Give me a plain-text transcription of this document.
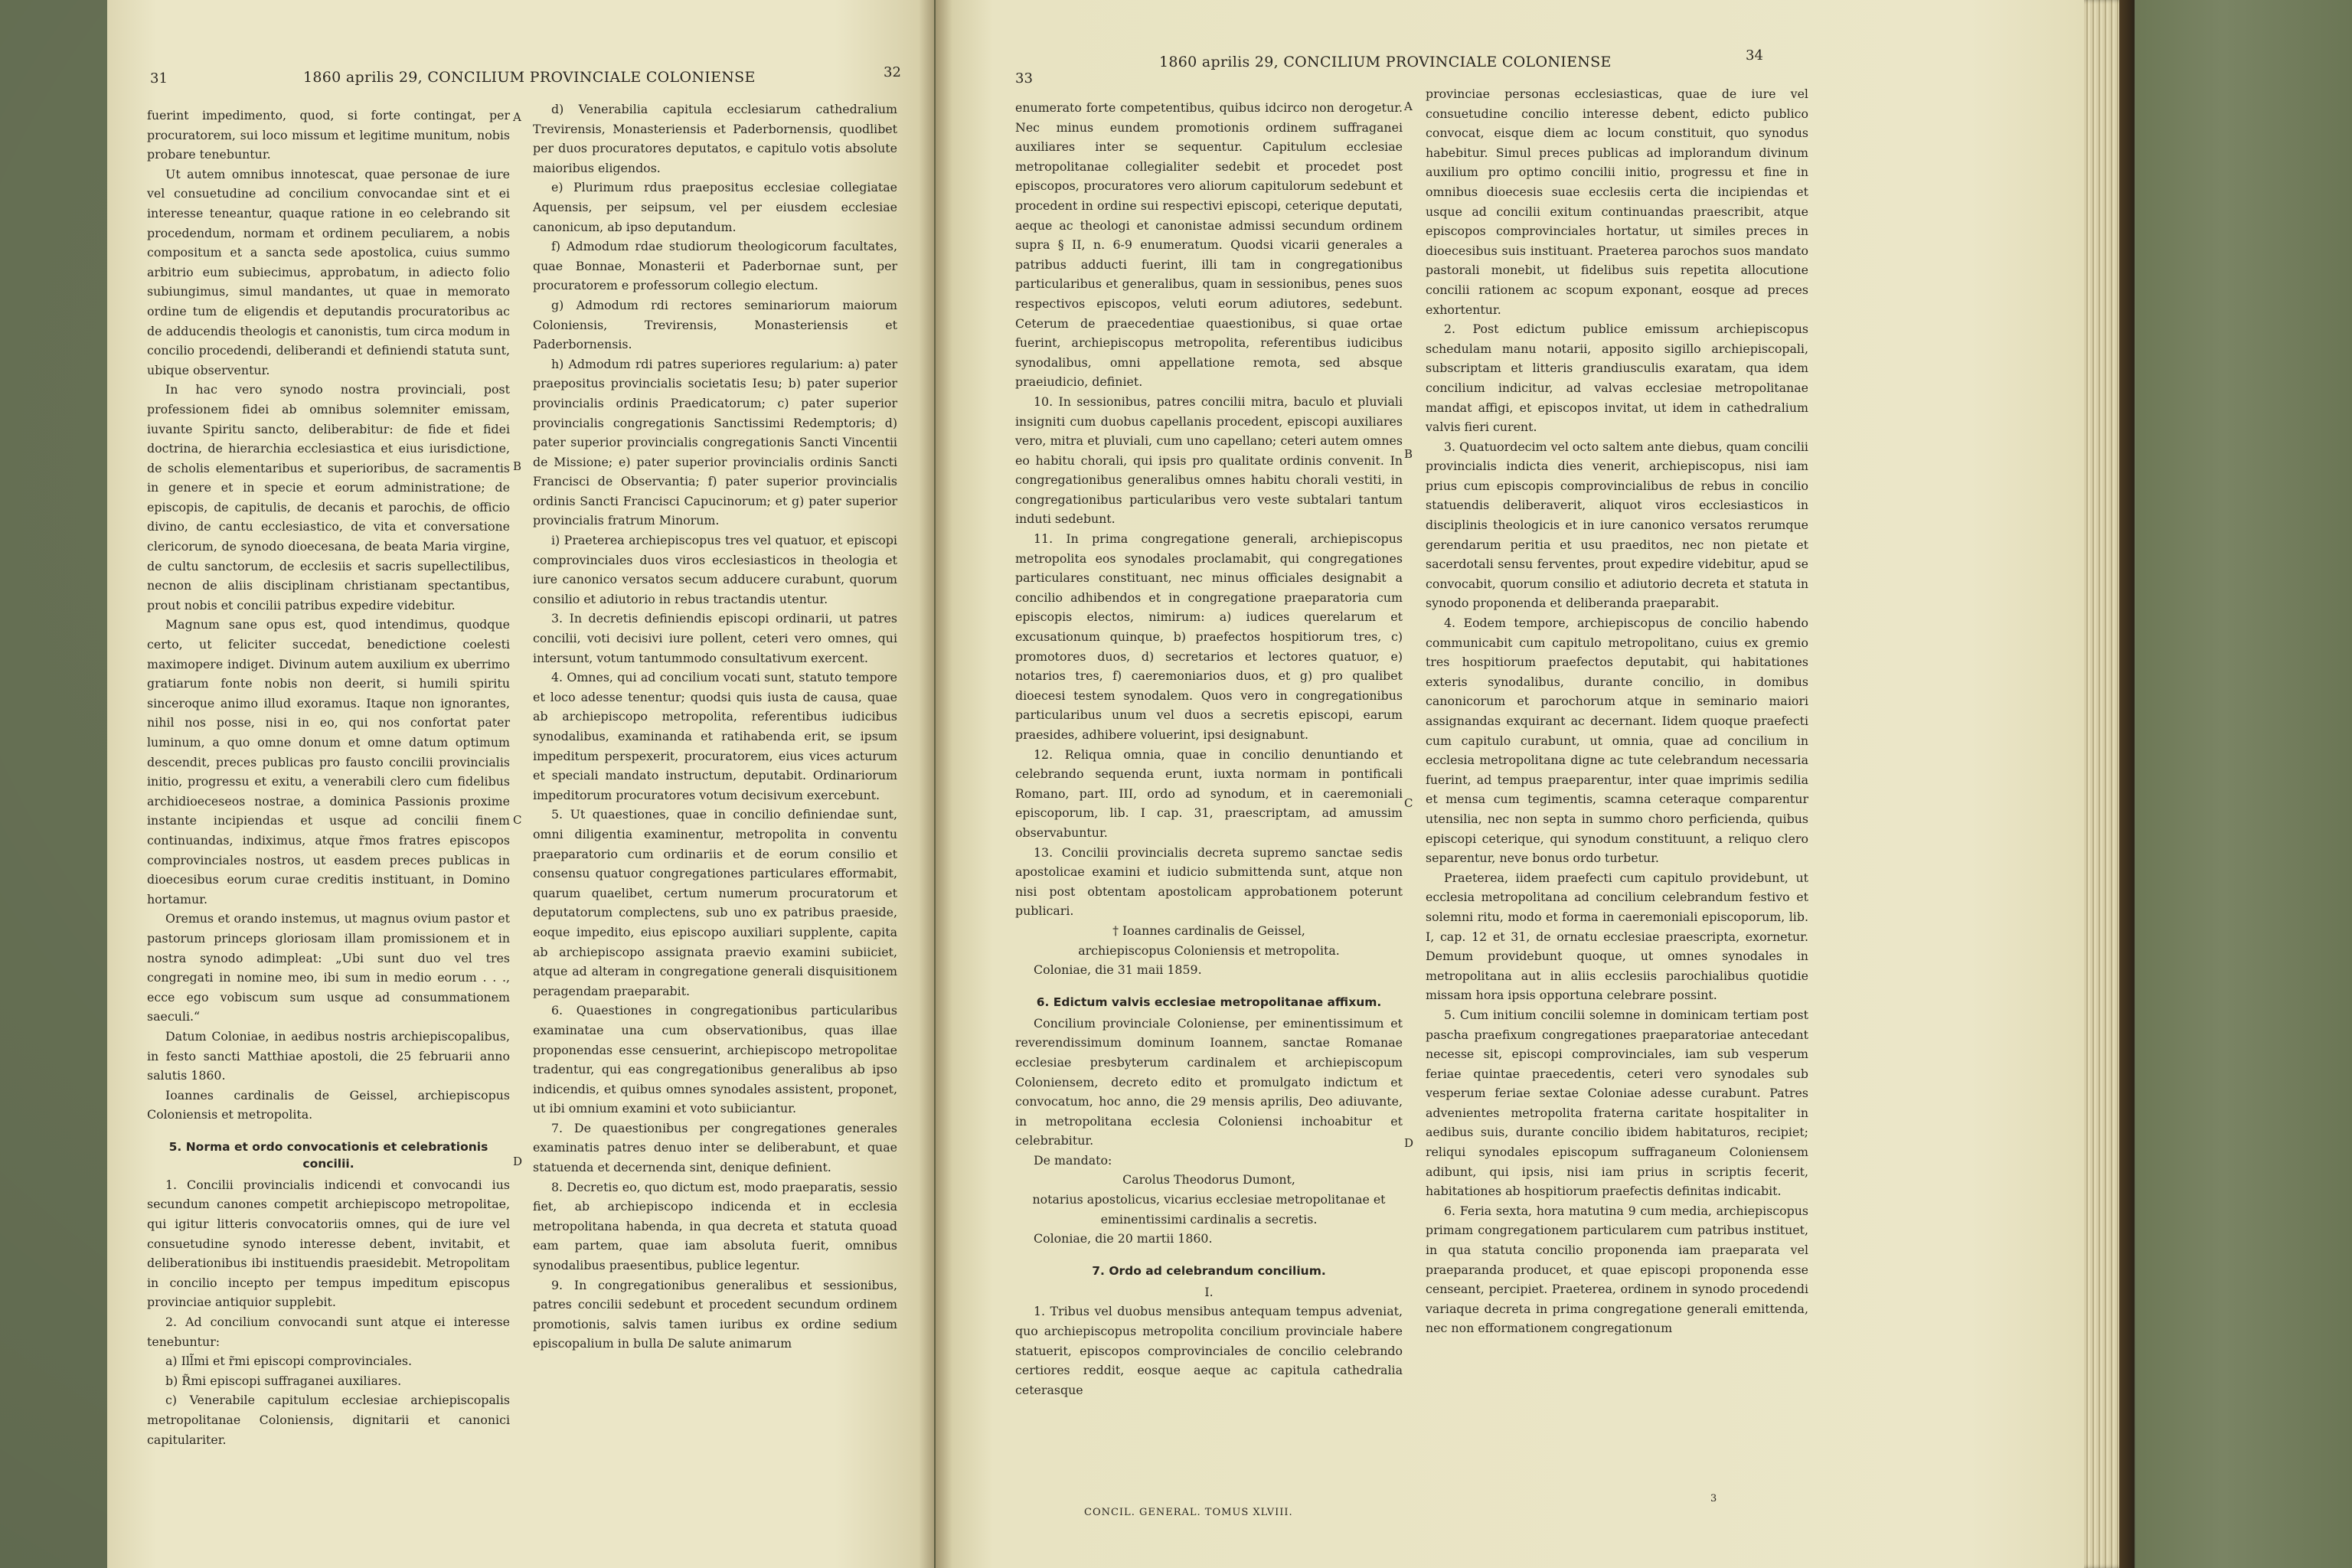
31	1860 aprilis 29, CONCILIUM PROVINCIALE COLONIENSE	32

fuerint impedimento, quod, si forte contingat, per procuratorem, sui loco missum et legitime munitum, nobis probare tenebuntur.

Ut autem omnibus innotescat, quae personae de iure vel consuetudine ad concilium convocandae sint et ei interesse teneantur, quaque ratione in eo celebrando sit procedendum, normam et ordinem peculiarem, a nobis compositum et a sancta sede apostolica, cuius summo arbitrio eum subiecimus, approbatum, in adiecto folio subiungimus, simul mandantes, ut quae in memorato ordine tum de eligendis et deputandis procuratoribus ac de adducendis theologis et canonistis, tum circa modum in concilio procedendi, deliberandi et definiendi statuta sunt, ubique observentur.

In hac vero synodo nostra provinciali, post professionem fidei ab omnibus solemniter emissam, iuvante Spiritu sancto, deliberabitur: de fide et fidei doctrina, de hierarchia ecclesiastica et eius iurisdictione, de scholis elementaribus et superioribus, de sacramentis in genere et in specie et eorum administratione; de episcopis, de capitulis, de decanis et parochis, de officio divino, de cantu ecclesiastico, de vita et conversatione clericorum, de synodo dioecesana, de beata Maria virgine, de cultu sanctorum, de ecclesiis et sacris supellectilibus, necnon de aliis disciplinam christianam spectantibus, prout nobis et concilii patribus expedire videbitur.

Magnum sane opus est, quod intendimus, quodque certo, ut feliciter succedat, benedictione coelesti maximopere indiget. Divinum autem auxilium ex uberrimo gratiarum fonte nobis non deerit, si humili spiritu sinceroque animo illud exoramus. Itaque non ignorantes, nihil nos posse, nisi in eo, qui nos confortat pater luminum, a quo omne donum et omne datum optimum descendit, preces publicas pro fausto concilii provincialis initio, progressu et exitu, a venerabili clero cum fidelibus archidioeceseos nostrae, a dominica Passionis proxime instante incipiendas et usque ad concilii finem continuandas, indiximus, atque r̃mos fratres episcopos comprovinciales nostros, ut easdem preces publicas in dioecesibus eorum curae creditis instituant, in Domino hortamur.

Oremus et orando instemus, ut magnus ovium pastor et pastorum princeps gloriosam illam promissionem et in nostra synodo adimpleat: „Ubi sunt duo vel tres congregati in nomine meo, ibi sum in medio eorum . . ., ecce ego vobiscum sum usque ad consummationem saeculi.“

Datum Coloniae, in aedibus nostris archiepiscopalibus, in festo sancti Matthiae apostoli, die 25 februarii anno salutis 1860.

Ioannes cardinalis de Geissel, archiepiscopus Coloniensis et metropolita.

5. Norma et ordo convocationis et celebrationis concilii.

1. Concilii provincialis indicendi et convocandi ius secundum canones competit archiepiscopo metropolitae, qui igitur litteris convocatoriis omnes, qui de iure vel consuetudine synodo interesse debent, invitabit, et deliberationibus ibi instituendis praesidebit. Metropolitam in concilio incepto per tempus impeditum episcopus provinciae antiquior supplebit.

2. Ad concilium convocandi sunt atque ei interesse tenebuntur:

a) Ill̃mi et r̃mi episcopi comprovinciales.

b) R̃mi episcopi suffraganei auxiliares.

c) Venerabile capitulum ecclesiae archiepiscopalis metropolitanae Coloniensis, dignitarii et canonici capitulariter.

d) Venerabilia capitula ecclesiarum cathedralium Trevirensis, Monasteriensis et Paderbornensis, quodlibet per duos procuratores deputatos, e capitulo votis absolute maioribus eligendos.

e) Plurimum rdus praepositus ecclesiae collegiatae Aquensis, per seipsum, vel per eiusdem ecclesiae canonicum, ab ipso deputandum.

f) Admodum rdae studiorum theologicorum facultates, quae Bonnae, Monasterii et Paderbornae sunt, per procuratorem e professorum collegio electum.

g) Admodum rdi rectores seminariorum maiorum Coloniensis, Trevirensis, Monasteriensis et Paderbornensis.

h) Admodum rdi patres superiores regularium: a) pater praepositus provincialis societatis Iesu; b) pater superior provincialis ordinis Praedicatorum; c) pater superior provincialis congregationis Sanctissimi Redemptoris; d) pater superior provincialis congregationis Sancti Vincentii de Missione; e) pater superior provincialis ordinis Sancti Francisci de Observantia; f) pater superior provincialis ordinis Sancti Francisci Capucinorum; et g) pater superior provincialis fratrum Minorum.

i) Praeterea archiepiscopus tres vel quatuor, et episcopi comprovinciales duos viros ecclesiasticos in theologia et iure canonico versatos secum adducere curabunt, quorum consilio et adiutorio in rebus tractandis utentur.

3. In decretis definiendis episcopi ordinarii, ut patres concilii, voti decisivi iure pollent, ceteri vero omnes, qui intersunt, votum tantummodo consultativum exercent.

4. Omnes, qui ad concilium vocati sunt, statuto tempore et loco adesse tenentur; quodsi quis iusta de causa, quae ab archiepiscopo metropolita, referentibus iudicibus synodalibus, examinanda et ratihabenda erit, se ipsum impeditum perspexerit, procuratorem, eius vices acturum et speciali mandato instructum, deputabit. Ordinariorum impeditorum procuratores votum decisivum exercebunt.

5. Ut quaestiones, quae in concilio definiendae sunt, omni diligentia examinentur, metropolita in conventu praeparatorio cum ordinariis et de eorum consilio et consensu quatuor congregationes particulares efformabit, quarum quaelibet, certum numerum procuratorum et deputatorum complectens, sub uno ex patribus praeside, eoque impedito, eius episcopo auxiliari supplente, capita ab archiepiscopo assignata praevio examini subiiciet, atque ad alteram in congregatione generali disquisitionem peragendam praeparabit.

6. Quaestiones in congregationibus particularibus examinatae una cum observationibus, quas illae proponendas esse censuerint, archiepiscopo metropolitae tradentur, qui eas congregationibus generalibus ab ipso indicendis, et quibus omnes synodales assistent, proponet, ut ibi omnium examini et voto subiiciantur.

7. De quaestionibus per congregationes generales examinatis patres denuo inter se deliberabunt, et quae statuenda et decernenda sint, denique definient.

8. Decretis eo, quo dictum est, modo praeparatis, sessio fiet, ab archiepiscopo indicenda et in ecclesia metropolitana habenda, in qua decreta et statuta quoad eam partem, quae iam absoluta fuerit, omnibus synodalibus praesentibus, publice legentur.

9. In congregationibus generalibus et sessionibus, patres concilii sedebunt et procedent secundum ordinem promotionis, salvis tamen iuribus ex ordine sedium episcopalium in bulla De salute animarum

A
B
C
D
33
1860 aprilis 29, CONCILIUM PROVINCIALE COLONIENSE	34

enumerato forte competentibus, quibus idcirco non derogetur. Nec minus eundem promotionis ordinem suffraganei auxiliares inter se sequentur. Capitulum ecclesiae metropolitanae collegialiter sedebit et procedet post episcopos, procuratores vero aliorum capitulorum sedebunt et procedent in ordine sui respectivi episcopi, ceterique deputati, aeque ac theologi et canonistae admissi secundum ordinem supra § II, n. 6-9 enumeratum. Quodsi vicarii generales a patribus adducti fuerint, illi tam in congregationibus particularibus et generalibus, quam in sessionibus, penes suos respectivos episcopos, veluti eorum adiutores, sedebunt. Ceterum de praecedentiae quaestionibus, si quae ortae fuerint, archiepiscopus metropolita, referentibus iudicibus synodalibus, omni appellatione remota, sed absque praeiudicio, definiet.

10. In sessionibus, patres concilii mitra, baculo et pluviali insigniti cum duobus capellanis procedent, episcopi auxiliares vero, mitra et pluviali, cum uno capellano; ceteri autem omnes eo habitu chorali, qui ipsis pro qualitate ordinis convenit. In congregationibus generalibus omnes habitu chorali vestiti, in congregationibus particularibus vero veste subtalari tantum induti sedebunt.

11. In prima congregatione generali, archiepiscopus metropolita eos synodales proclamabit, qui congregationes particulares constituant, nec minus officiales designabit a concilio adhibendos et in congregatione praeparatoria cum episcopis electos, nimirum: a) iudices querelarum et excusationum quinque, b) praefectos hospitiorum tres, c) promotores duos, d) secretarios et lectores quatuor, e) notarios tres, f) caeremoniarios duos, et g) pro qualibet dioecesi testem synodalem. Quos vero in congregationibus particularibus unum vel duos a secretis episcopi, earum praesides, adhibere voluerint, ipsi designabunt.

12. Reliqua omnia, quae in concilio denuntiando et celebrando sequenda erunt, iuxta normam in pontificali Romano, part. III, ordo ad synodum, et in caeremoniali episcoporum, lib. I cap. 31, praescriptam, ad amussim observabuntur.

13. Concilii provincialis decreta supremo sanctae sedis apostolicae examini et iudicio submittenda sunt, atque non nisi post obtentam apostolicam approbationem poterunt publicari.

† Ioannes cardinalis de Geissel,

archiepiscopus Coloniensis et metropolita.

Coloniae, die 31 maii 1859.

6. Edictum valvis ecclesiae metropolitanae affixum.

Concilium provinciale Coloniense, per eminentissimum et reverendissimum dominum Ioannem, sanctae Romanae ecclesiae presbyterum cardinalem et archiepiscopum Coloniensem, decreto edito et promulgato indictum et convocatum, hoc anno, die 29 mensis aprilis, Deo adiuvante, in metropolitana ecclesia Coloniensi inchoabitur et celebrabitur.

De mandato:

Carolus Theodorus Dumont,

notarius apostolicus, vicarius ecclesiae metropolitanae et eminentissimi cardinalis a secretis.

Coloniae, die 20 martii 1860.

7. Ordo ad celebrandum concilium.

I.

1. Tribus vel duobus mensibus antequam tempus adveniat, quo archiepiscopus metropolita concilium provinciale habere statuerit, episcopos comprovinciales de concilio celebrando certiores reddit, eosque aeque ac capitula cathedralia ceterasque

provinciae personas ecclesiasticas, quae de iure vel consuetudine concilio interesse debent, edicto publico convocat, eisque diem ac locum constituit, quo synodus habebitur. Simul preces publicas ad implorandum divinum auxilium pro optimo concilii initio, progressu et fine in omnibus dioecesis suae ecclesiis certa die incipiendas et usque ad concilii exitum continuandas praescribit, atque episcopos comprovinciales hortatur, ut similes preces in dioecesibus suis instituant. Praeterea parochos suos mandato pastorali monebit, ut fidelibus suis repetita allocutione concilii rationem ac scopum exponant, eosque ad preces exhortentur.

2. Post edictum publice emissum archiepiscopus schedulam manu notarii, apposito sigillo archiepiscopali, subscriptam et litteris grandiusculis exaratam, qua idem concilium indicitur, ad valvas ecclesiae metropolitanae mandat affigi, et episcopos invitat, ut idem in cathedralium valvis fieri curent.

3. Quatuordecim vel octo saltem ante diebus, quam concilii provincialis indicta dies venerit, archiepiscopus, nisi iam prius cum episcopis comprovincialibus de rebus in concilio statuendis deliberaverit, aliquot viros ecclesiasticos in disciplinis theologicis et in iure canonico versatos rerumque gerendarum peritia et usu praeditos, nec non pietate et sacerdotali sensu ferventes, prout expedire videbitur, apud se convocabit, quorum consilio et adiutorio decreta et statuta in synodo proponenda et deliberanda praeparabit.

4. Eodem tempore, archiepiscopus de concilio habendo communicabit cum capitulo metropolitano, cuius ex gremio tres hospitiorum praefectos deputabit, qui habitationes exteris synodalibus, durante concilio, in domibus canonicorum et parochorum atque in seminario maiori assignandas exquirant ac decernant. Iidem quoque praefecti cum capitulo curabunt, ut omnia, quae ad concilium in ecclesia metropolitana digne ac tute celebrandum necessaria fuerint, ad tempus praeparentur, inter quae imprimis sedilia et mensa cum tegimentis, scamna ceteraque comparentur utensilia, nec non septa in summo choro perficienda, quibus episcopi ceterique, qui synodum constituunt, a reliquo clero separentur, neve bonus ordo turbetur.

Praeterea, iidem praefecti cum capitulo providebunt, ut ecclesia metropolitana ad concilium celebrandum festivo et solemni ritu, modo et forma in caeremoniali episcoporum, lib. I, cap. 12 et 31, de ornatu ecclesiae praescripta, exornetur. Demum providebunt quoque, ut omnes synodales in metropolitana aut in aliis ecclesiis parochialibus quotidie missam hora ipsis opportuna celebrare possint.

5. Cum initium concilii solemne in dominicam tertiam post pascha praefixum congregationes praeparatoriae antecedant necesse sit, episcopi comprovinciales, iam sub vesperum feriae quintae praecedentis, ceteri vero synodales sub vesperum feriae sextae Coloniae adesse curabunt. Patres advenientes metropolita fraterna caritate hospitaliter in aedibus suis, durante concilio ibidem habitaturos, recipiet; reliqui synodales episcopum suffraganeum Coloniensem adibunt, qui ipsis, nisi iam prius in scriptis fecerit, habitationes ab hospitiorum praefectis definitas indicabit.

6. Feria sexta, hora matutina 9 cum media, archiepiscopus primam congregationem particularem cum patribus instituet, in qua statuta concilio proponenda iam praeparata vel praeparanda producet, et quae episcopi proponenda esse censeant, percipiet. Praeterea, ordinem in synodo procedendi variaque decreta in prima congregatione generali emittenda, nec non efformationem congregationum

A
B
C
D
CONCIL. GENERAL. TOMUS XLVIII.
3
